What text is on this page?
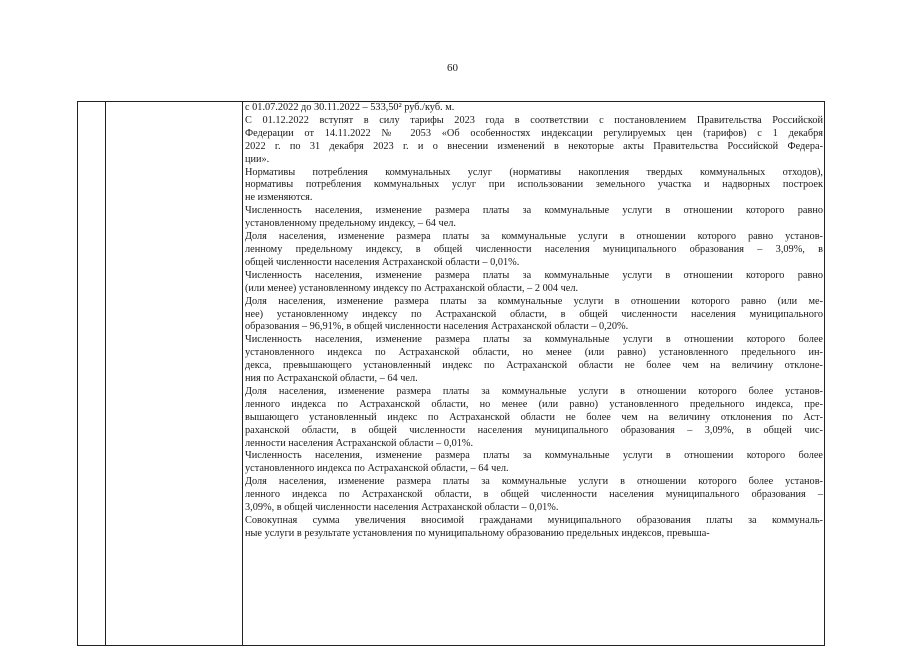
60
с 01.07.2022 до 30.11.2022 – 533,50² руб./куб. м.
С 01.12.2022 вступят в силу тарифы 2023 года в соответствии с постановлением Правительства Российской
Федерации от 14.11.2022 № 2053 «Об особенностях индексации регулируемых цен (тарифов) с 1 декабря
2022 г. по 31 декабря 2023 г. и о внесении изменений в некоторые акты Правительства Российской Федера-
ции».
Нормативы потребления коммунальных услуг (нормативы накопления твердых коммунальных отходов),
нормативы потребления коммунальных услуг при использовании земельного участка и надворных построек
не изменяются.
Численность населения, изменение размера платы за коммунальные услуги в отношении которого равно
установленному предельному индексу, – 64 чел.
Доля населения, изменение размера платы за коммунальные услуги в отношении которого равно установ-
ленному предельному индексу, в общей численности населения муниципального образования – 3,09%, в
общей численности населения Астраханской области – 0,01%.
Численность населения, изменение размера платы за коммунальные услуги в отношении которого равно
(или менее) установленному индексу по Астраханской области, – 2 004 чел.
Доля населения, изменение размера платы за коммунальные услуги в отношении которого равно (или ме-
нее) установленному индексу по Астраханской области, в общей численности населения муниципального
образования – 96,91%, в общей численности населения Астраханской области – 0,20%.
Численность населения, изменение размера платы за коммунальные услуги в отношении которого более
установленного индекса по Астраханской области, но менее (или равно) установленного предельного ин-
декса, превышающего установленный индекс по Астраханской области не более чем на величину отклоне-
ния по Астраханской области, – 64 чел.
Доля населения, изменение размера платы за коммунальные услуги в отношении которого более установ-
ленного индекса по Астраханской области, но менее (или равно) установленного предельного индекса, пре-
вышающего установленный индекс по Астраханской области не более чем на величину отклонения по Аст-
раханской области, в общей численности населения муниципального образования – 3,09%, в общей чис-
ленности населения Астраханской области – 0,01%.
Численность населения, изменение размера платы за коммунальные услуги в отношении которого более
установленного индекса по Астраханской области, – 64 чел.
Доля населения, изменение размера платы за коммунальные услуги в отношении которого более установ-
ленного индекса по Астраханской области, в общей численности населения муниципального образования –
3,09%, в общей численности населения Астраханской области – 0,01%.
Совокупная сумма увеличения вносимой гражданами муниципального образования платы за коммуналь-
ные услуги в результате установления по муниципальному образованию предельных индексов, превыша-
